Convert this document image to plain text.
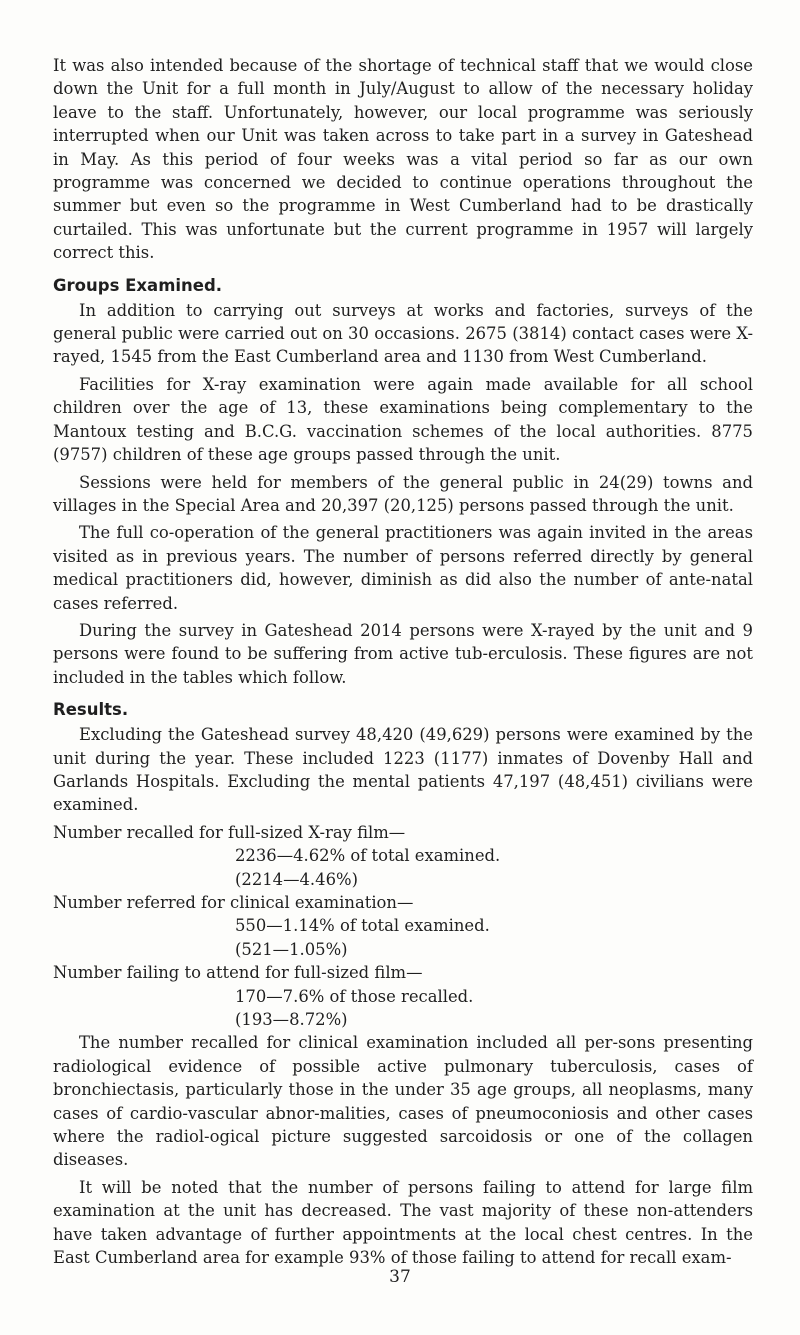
It was also intended because of the shortage of technical staff that we would close down the Unit for a full month in July/August to allow of the necessary holiday leave to the staff. Unfortunately, however, our local programme was seriously interrupted when our Unit was taken across to take part in a survey in Gateshead in May. As this period of four weeks was a vital period so far as our own programme was concerned we decided to continue operations throughout the summer but even so the programme in West Cumberland had to be drastically curtailed. This was unfortunate but the current programme in 1957 will largely correct this.

Groups Examined.

In addition to carrying out surveys at works and factories, surveys of the general public were carried out on 30 occasions. 2675 (3814) contact cases were X-rayed, 1545 from the East Cumberland area and 1130 from West Cumberland.

Facilities for X-ray examination were again made available for all school children over the age of 13, these examinations being complementary to the Mantoux testing and B.C.G. vaccination schemes of the local authorities. 8775 (9757) children of these age groups passed through the unit.

Sessions were held for members of the general public in 24(29) towns and villages in the Special Area and 20,397 (20,125) persons passed through the unit.

The full co-operation of the general practitioners was again invited in the areas visited as in previous years. The number of persons referred directly by general medical practitioners did, however, diminish as did also the number of ante-natal cases referred.

During the survey in Gateshead 2014 persons were X-rayed by the unit and 9 persons were found to be suffering from active tub-erculosis. These figures are not included in the tables which follow.

Results.

Excluding the Gateshead survey 48,420 (49,629) persons were examined by the unit during the year. These included 1223 (1177) inmates of Dovenby Hall and Garlands Hospitals. Excluding the mental patients 47,197 (48,451) civilians were examined.

Number recalled for full-sized X-ray film—
2236—4.62% of total examined.
(2214—4.46%)
Number referred for clinical examination—
550—1.14% of total examined.
(521—1.05%)
Number failing to attend for full-sized film—
170—7.6% of those recalled.
(193—8.72%)

The number recalled for clinical examination included all per-sons presenting radiological evidence of possible active pulmonary tuberculosis, cases of bronchiectasis, particularly those in the under 35 age groups, all neoplasms, many cases of cardio-vascular abnor-malities, cases of pneumoconiosis and other cases where the radiol-ogical picture suggested sarcoidosis or one of the collagen diseases.

It will be noted that the number of persons failing to attend for large film examination at the unit has decreased. The vast majority of these non-attenders have taken advantage of further appointments at the local chest centres. In the East Cumberland area for example 93% of those failing to attend for recall exam-

37
